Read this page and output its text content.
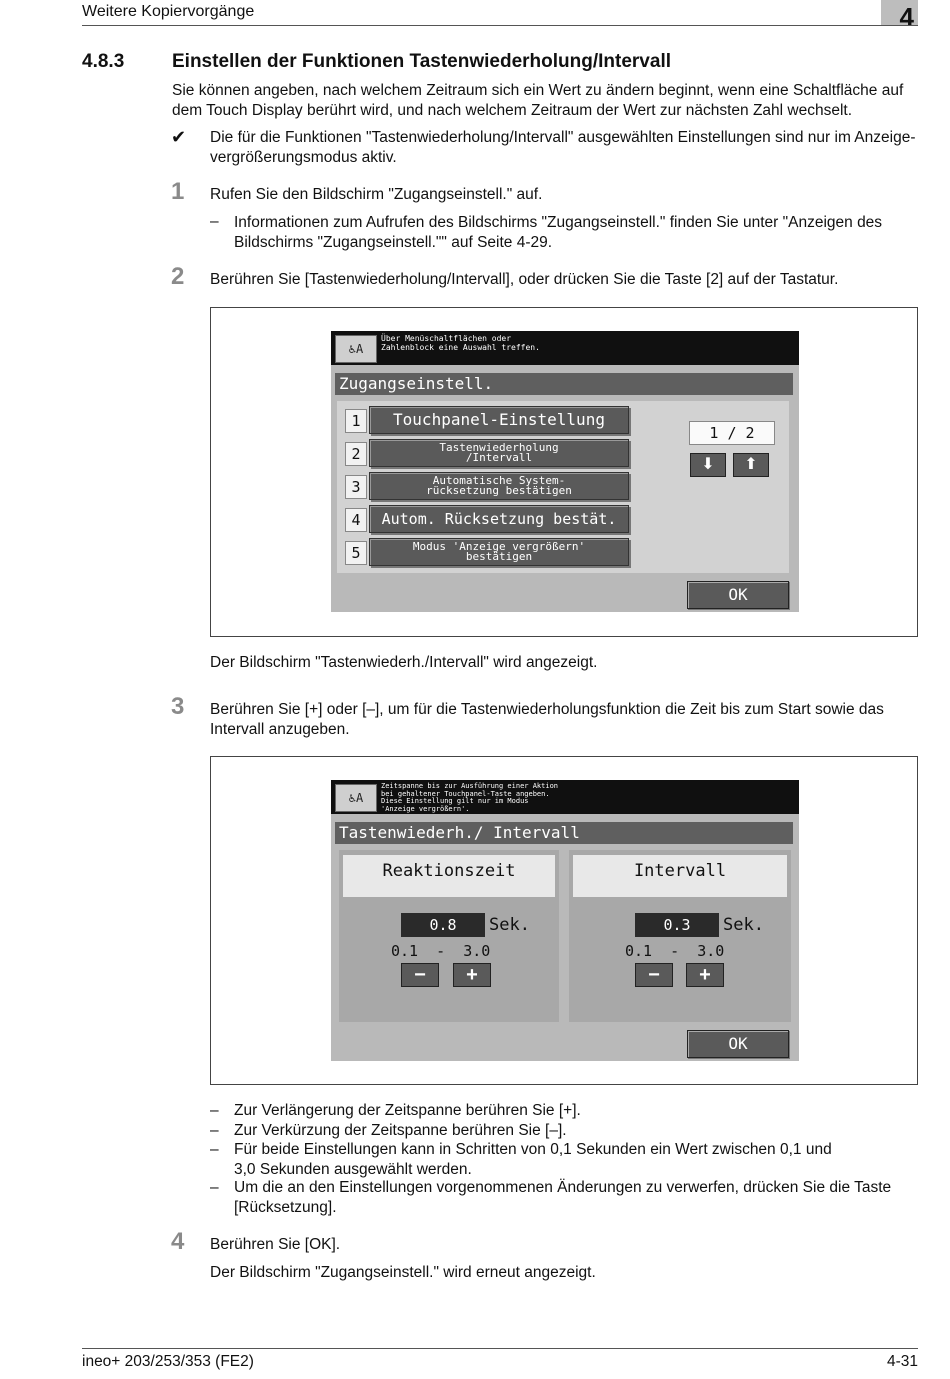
Weitere Kopiervorgänge	4
4.8.3	Einstellen der Funktionen Tastenwiederholung/Intervall
Sie können angeben, nach welchem Zeitraum sich ein Wert zu ändern beginnt, wenn eine Schaltfläche auf dem Touch Display berührt wird, und nach welchem Zeitraum der Wert zur nächsten Zahl wechselt.
✔ Die für die Funktionen "Tastenwiederholung/Intervall" ausgewählten Einstellungen sind nur im Anzeige-vergrößerungsmodus aktiv.
1 Rufen Sie den Bildschirm "Zugangseinstell." auf.
– Informationen zum Aufrufen des Bildschirms "Zugangseinstell." finden Sie unter "Anzeigen des Bildschirms "Zugangseinstell."" auf Seite 4-29.
2 Berühren Sie [Tastenwiederholung/Intervall], oder drücken Sie die Taste [2] auf der Tastatur.
♿A
Über Menüschaltflächen oder
Zahlenblock eine Auswahl treffen.
Zugangseinstell.
1	Touchpanel-Einstellung
2	Tastenwiederholung
/Intervall
3	Automatische System-
rücksetzung bestätigen
4	Autom. Rücksetzung bestät.
5	Modus 'Anzeige vergrößern'
bestätigen
1 / 2
⬇	⬆
OK
Der Bildschirm "Tastenwiederh./Intervall" wird angezeigt.
3 Berühren Sie [+] oder [–], um für die Tastenwiederholungsfunktion die Zeit bis zum Start sowie das Intervall anzugeben.
♿A
Zeitspanne bis zur Ausführung einer Aktion
bei gehaltener Touchpanel-Taste angeben.
Diese Einstellung gilt nur im Modus
'Anzeige vergrößern'.
Tastenwiederh./ Intervall
Reaktionszeit
0.8	Sek.
0.1  -  3.0
−	+
Intervall
0.3	Sek.
0.1  -  3.0
−	+
OK
– Zur Verlängerung der Zeitspanne berühren Sie [+].
– Zur Verkürzung der Zeitspanne berühren Sie [–].
– Für beide Einstellungen kann in Schritten von 0,1 Sekunden ein Wert zwischen 0,1 und 3,0 Sekunden ausgewählt werden.
– Um die an den Einstellungen vorgenommenen Änderungen zu verwerfen, drücken Sie die Taste [Rücksetzung].
4 Berühren Sie [OK].
Der Bildschirm "Zugangseinstell." wird erneut angezeigt.
ineo+ 203/253/353 (FE2)	4-31
